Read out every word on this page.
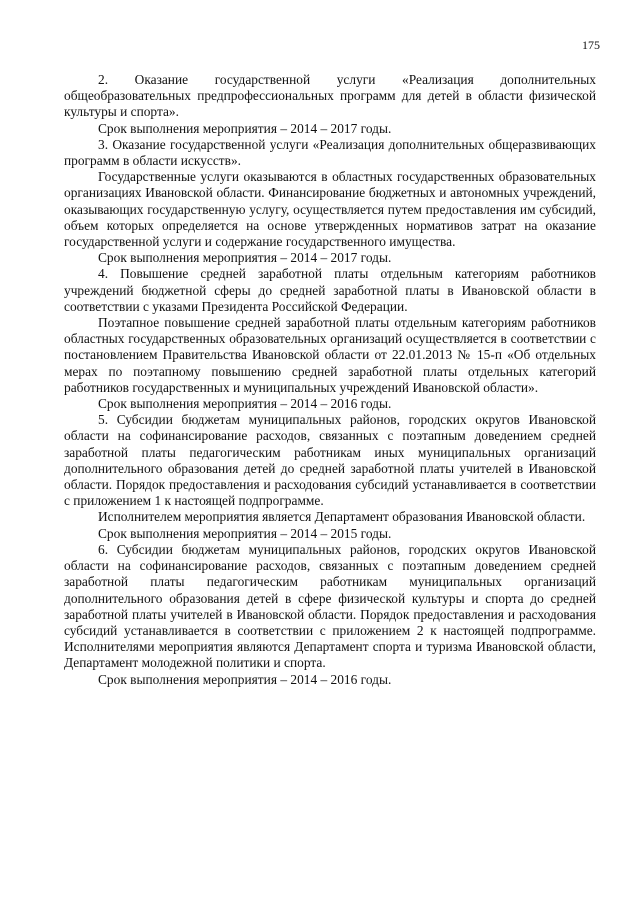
175

2. Оказание государственной услуги «Реализация дополнительных общеобразовательных предпрофессиональных программ для детей в области физической культуры и спорта».

Срок выполнения мероприятия – 2014 – 2017 годы.

3. Оказание государственной услуги «Реализация дополнительных общеразвивающих программ в области искусств».

Государственные услуги оказываются в областных государственных образовательных организациях Ивановской области. Финансирование бюджетных и автономных учреждений, оказывающих государственную услугу, осуществляется путем предоставления им субсидий, объем которых определяется на основе утвержденных нормативов затрат на оказание государственной услуги и содержание государственного имущества.

Срок выполнения мероприятия – 2014 – 2017 годы.

4. Повышение средней заработной платы отдельным категориям работников учреждений бюджетной сферы до средней заработной платы в Ивановской области в соответствии с указами Президента Российской Федерации.

Поэтапное повышение средней заработной платы отдельным категориям работников областных государственных образовательных организаций осуществляется в соответствии с постановлением Правительства Ивановской области от 22.01.2013 № 15-п «Об отдельных мерах по поэтапному повышению средней заработной платы отдельных категорий работников государственных и муниципальных учреждений Ивановской области».

Срок выполнения мероприятия – 2014 – 2016 годы.

5. Субсидии бюджетам муниципальных районов, городских округов Ивановской области на софинансирование расходов, связанных с поэтапным доведением средней заработной платы педагогическим работникам иных муниципальных организаций дополнительного образования детей до средней заработной платы учителей в Ивановской области. Порядок предоставления и расходования субсидий устанавливается в соответствии с приложением 1 к настоящей подпрограмме.

Исполнителем мероприятия является Департамент образования Ивановской области.

Срок выполнения мероприятия – 2014 – 2015 годы.

6. Субсидии бюджетам муниципальных районов, городских округов Ивановской области на софинансирование расходов, связанных с поэтапным доведением средней заработной платы педагогическим работникам муниципальных организаций дополнительного образования детей в сфере физической культуры и спорта до средней заработной платы учителей в Ивановской области. Порядок предоставления и расходования субсидий устанавливается в соответствии с приложением 2 к настоящей подпрограмме. Исполнителями мероприятия являются Департамент спорта и туризма Ивановской области, Департамент молодежной политики и спорта.

Срок выполнения мероприятия – 2014 – 2016 годы.
